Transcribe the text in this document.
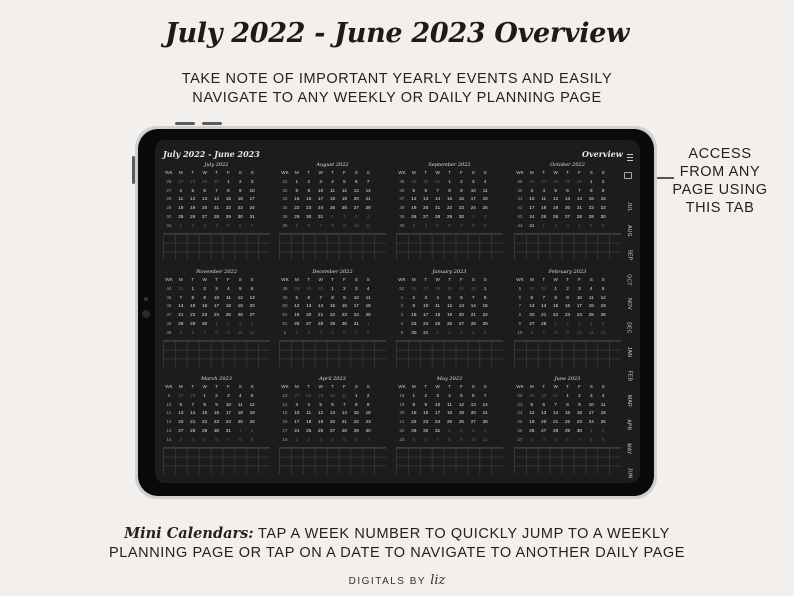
July 2022 - June 2023 Overview
TAKE NOTE OF IMPORTANT YEARLY EVENTS AND EASILY
NAVIGATE TO ANY WEEKLY OR DAILY PLANNING PAGE
ACCESS
FROM ANY
PAGE USING
THIS TAB
July 2022 - June 2023	Overview
July 2022
WK	M	T	W	T	F	S	S
26	27	28	29	30	1	2	3
27	4	5	6	7	8	9	10
28	11	12	13	14	15	16	17
29	18	19	20	21	22	23	24
30	25	26	27	28	29	30	31
31	1	2	3	4	5	6	7
August 2022
WK	M	T	W	T	F	S	S
31	1	2	3	4	5	6	7
32	8	9	10	11	12	13	14
33	15	16	17	18	19	20	21
34	22	23	24	25	26	27	28
35	29	30	31	1	2	3	4
36	5	6	7	8	9	10	11
September 2022
WK	M	T	W	T	F	S	S
35	29	30	31	1	2	3	4
36	5	6	7	8	9	10	11
37	12	13	14	15	16	17	18
38	19	20	21	22	23	24	25
39	26	27	28	29	30	1	2
40	3	4	5	6	7	8	9
October 2022
WK	M	T	W	T	F	S	S
39	26	27	28	29	30	1	2
40	3	4	5	6	7	8	9
41	10	11	12	13	14	15	16
42	17	18	19	20	21	22	23
43	24	25	26	27	28	29	30
44	31	1	2	3	4	5	6
November 2022
WK	M	T	W	T	F	S	S
44	31	1	2	3	4	5	6
45	7	8	9	10	11	12	13
46	14	15	16	17	18	19	20
47	21	22	23	24	25	26	27
48	28	29	30	1	2	3	4
49	5	6	7	8	9	10	11
December 2022
WK	M	T	W	T	F	S	S
48	28	29	30	1	2	3	4
49	5	6	7	8	9	10	11
50	12	13	14	15	16	17	18
51	19	20	21	22	23	24	25
52	26	27	28	29	30	31	1
1	2	3	4	5	6	7	8
January 2023
WK	M	T	W	T	F	S	S
52	26	27	28	29	30	31	1
1	2	3	4	5	6	7	8
2	9	10	11	12	13	14	15
3	16	17	18	19	20	21	22
4	23	24	25	26	27	28	29
5	30	31	1	2	3	4	5
February 2023
WK	M	T	W	T	F	S	S
5	30	31	1	2	3	4	5
6	6	7	8	9	10	11	12
7	13	14	15	16	17	18	19
8	20	21	22	23	24	25	26
9	27	28	1	2	3	4	5
10	6	7	8	9	10	11	12
March 2023
WK	M	T	W	T	F	S	S
9	27	28	1	2	3	4	5
10	6	7	8	9	10	11	12
11	13	14	15	16	17	18	19
12	20	21	22	23	24	25	26
13	27	28	29	30	31	1	2
14	3	4	5	6	7	8	9
April 2023
WK	M	T	W	T	F	S	S
13	27	28	29	30	31	1	2
14	3	4	5	6	7	8	9
15	10	11	12	13	14	15	16
16	17	18	19	20	21	22	23
17	24	25	26	27	28	29	30
18	1	2	3	4	5	6	7
May 2023
WK	M	T	W	T	F	S	S
18	1	2	3	4	5	6	7
19	8	9	10	11	12	13	14
20	15	16	17	18	19	20	21
21	22	23	24	25	26	27	28
22	29	30	31	1	2	3	4
23	5	6	7	8	9	10	11
June 2023
WK	M	T	W	T	F	S	S
22	29	30	31	1	2	3	4
23	5	6	7	8	9	10	11
24	12	13	14	15	16	17	18
25	19	20	21	22	23	24	25
26	26	27	28	29	30	1	2
27	3	4	5	6	7	8	9
JUL
AUG
SEP
OCT
NOV
DEC
JAN
FEB
MAR
APR
MAY
JUN
Mini Calendars: TAP A WEEK NUMBER TO QUICKLY JUMP TO A WEEKLY
PLANNING PAGE OR TAP ON A DATE TO NAVIGATE TO ANOTHER DAILY PAGE
DIGITALS BY liz
